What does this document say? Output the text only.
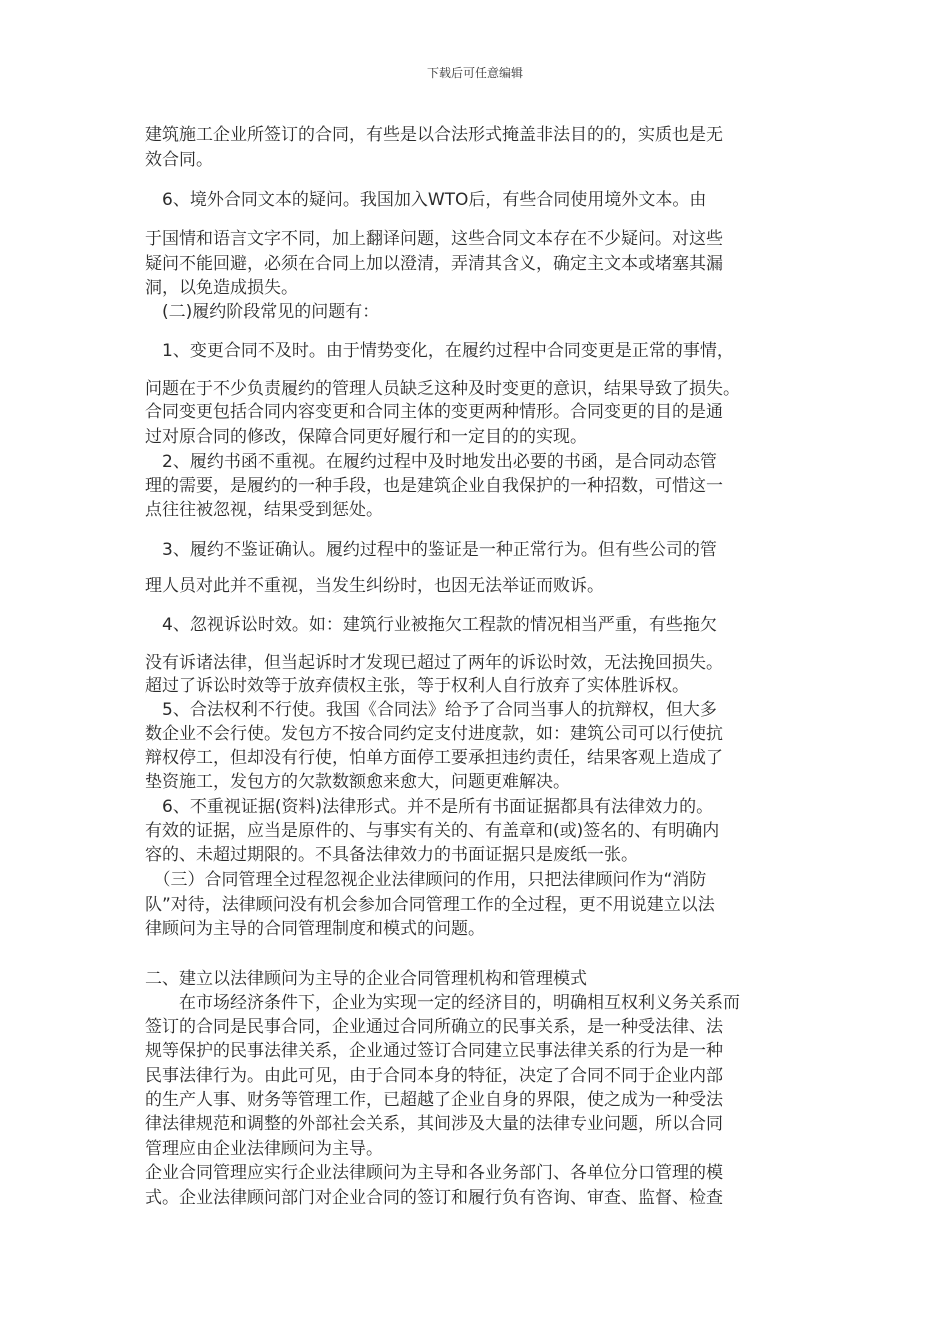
下载后可任意编辑
建筑施工企业所签订的合同，有些是以合法形式掩盖非法目的的，实质也是无
效合同。
　6、境外合同文本的疑问。我国加入WTO后，有些合同使用境外文本。由
于国情和语言文字不同，加上翻译问题，这些合同文本存在不少疑问。对这些
疑问不能回避，必须在合同上加以澄清，弄清其含义，确定主文本或堵塞其漏
洞，以免造成损失。
　(二)履约阶段常见的问题有：
　1、变更合同不及时。由于情势变化，在履约过程中合同变更是正常的事情，
问题在于不少负责履约的管理人员缺乏这种及时变更的意识，结果导致了损失。
合同变更包括合同内容变更和合同主体的变更两种情形。合同变更的目的是通
过对原合同的修改，保障合同更好履行和一定目的的实现。
　2、履约书函不重视。在履约过程中及时地发出必要的书函，是合同动态管
理的需要，是履约的一种手段，也是建筑企业自我保护的一种招数，可惜这一
点往往被忽视，结果受到惩处。
　3、履约不鉴证确认。履约过程中的鉴证是一种正常行为。但有些公司的管
理人员对此并不重视，当发生纠纷时，也因无法举证而败诉。
　4、忽视诉讼时效。如：建筑行业被拖欠工程款的情况相当严重，有些拖欠
没有诉诸法律，但当起诉时才发现已超过了两年的诉讼时效，无法挽回损失。
超过了诉讼时效等于放弃债权主张，等于权利人自行放弃了实体胜诉权。
　5、合法权利不行使。我国《合同法》给予了合同当事人的抗辩权，但大多
数企业不会行使。发包方不按合同约定支付进度款，如：建筑公司可以行使抗
辩权停工，但却没有行使，怕单方面停工要承担违约责任，结果客观上造成了
垫资施工，发包方的欠款数额愈来愈大，问题更难解决。
　6、不重视证据(资料)法律形式。并不是所有书面证据都具有法律效力的。
有效的证据，应当是原件的、与事实有关的、有盖章和(或)签名的、有明确内
容的、未超过期限的。不具备法律效力的书面证据只是废纸一张。
　（三）合同管理全过程忽视企业法律顾问的作用，只把法律顾问作为“消防
队”对待，法律顾问没有机会参加合同管理工作的全过程，更不用说建立以法
律顾问为主导的合同管理制度和模式的问题。
二、建立以法律顾问为主导的企业合同管理机构和管理模式
　　在市场经济条件下，企业为实现一定的经济目的，明确相互权利义务关系而
签订的合同是民事合同，企业通过合同所确立的民事关系，是一种受法律、法
规等保护的民事法律关系，企业通过签订合同建立民事法律关系的行为是一种
民事法律行为。由此可见，由于合同本身的特征，决定了合同不同于企业内部
的生产人事、财务等管理工作，已超越了企业自身的界限，使之成为一种受法
律法律规范和调整的外部社会关系，其间涉及大量的法律专业问题，所以合同
管理应由企业法律顾问为主导。
企业合同管理应实行企业法律顾问为主导和各业务部门、各单位分口管理的模
式。企业法律顾问部门对企业合同的签订和履行负有咨询、审查、监督、检查
